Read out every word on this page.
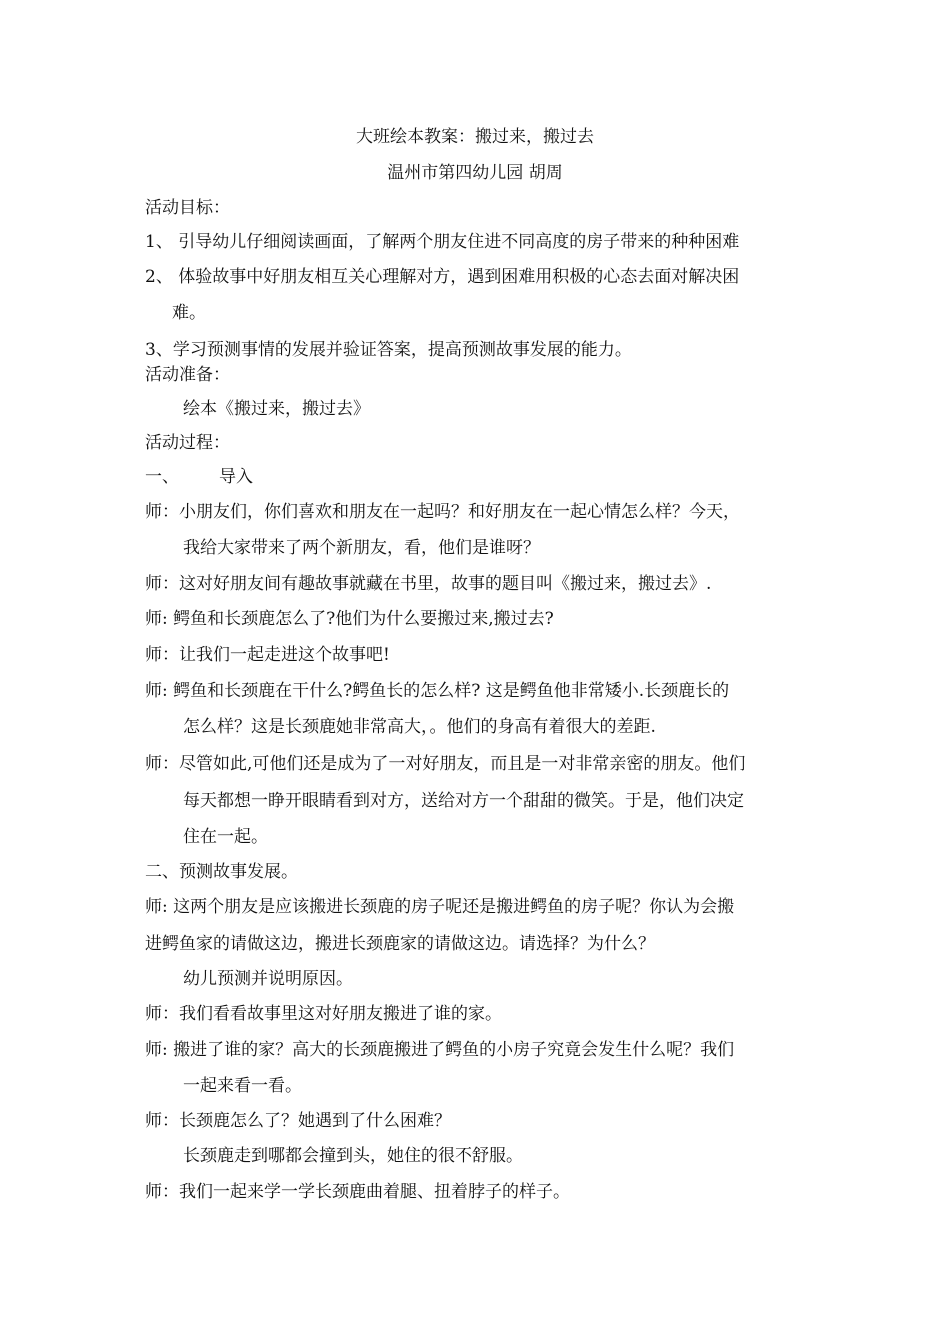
大班绘本教案：搬过来，搬过去
温州市第四幼儿园 胡周
活动目标：
1、 引导幼儿仔细阅读画面，了解两个朋友住进不同高度的房子带来的种种困难
2、 体验故事中好朋友相互关心理解对方，遇到困难用积极的心态去面对解决困
难。
3、学习预测事情的发展并验证答案，提高预测故事发展的能力。
活动准备：
绘本《搬过来，搬过去》
活动过程：
一、 导入
师：小朋友们，你们喜欢和朋友在一起吗？和好朋友在一起心情怎么样？今天，
我给大家带来了两个新朋友，看，他们是谁呀？
师：这对好朋友间有趣故事就藏在书里，故事的题目叫《搬过来，搬过去》.
师: 鳄鱼和长颈鹿怎么了?他们为什么要搬过来,搬过去?
师：让我们一起走进这个故事吧!
师: 鳄鱼和长颈鹿在干什么?鳄鱼长的怎么样? 这是鳄鱼他非常矮小.长颈鹿长的
怎么样？这是长颈鹿她非常高大，。他们的身高有着很大的差距.
师：尽管如此,可他们还是成为了一对好朋友，而且是一对非常亲密的朋友。他们
每天都想一睁开眼睛看到对方，送给对方一个甜甜的微笑。于是，他们决定
住在一起。
二、预测故事发展。
师: 这两个朋友是应该搬进长颈鹿的房子呢还是搬进鳄鱼的房子呢？你认为会搬
进鳄鱼家的请做这边，搬进长颈鹿家的请做这边。请选择？为什么？
幼儿预测并说明原因。
师：我们看看故事里这对好朋友搬进了谁的家。
师: 搬进了谁的家？高大的长颈鹿搬进了鳄鱼的小房子究竟会发生什么呢？我们
一起来看一看。
师：长颈鹿怎么了？她遇到了什么困难？
长颈鹿走到哪都会撞到头，她住的很不舒服。
师：我们一起来学一学长颈鹿曲着腿、扭着脖子的样子。
